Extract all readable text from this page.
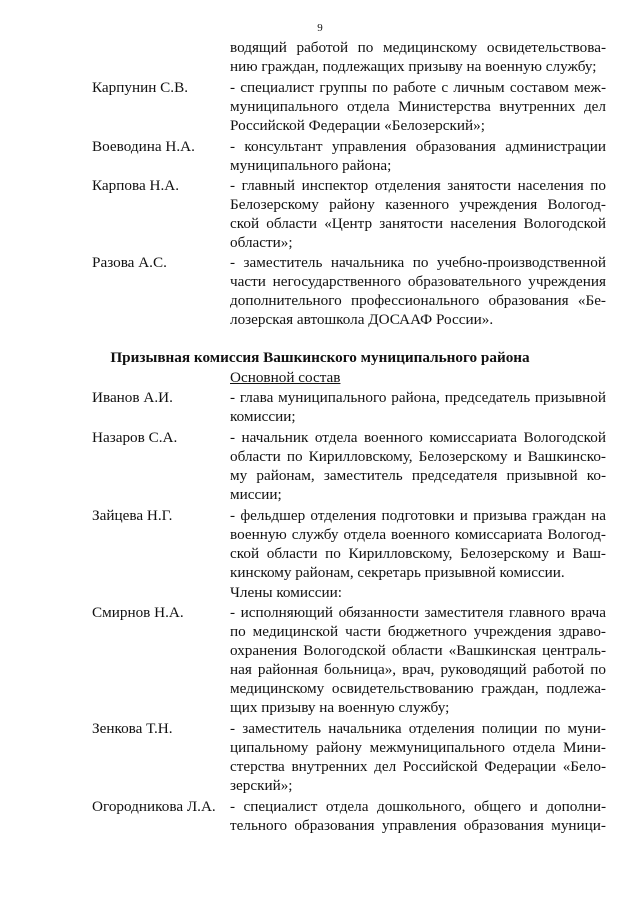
9
водящий работой по медицинскому освидетельствова-
нию граждан, подлежащих призыву на военную службу;
Карпунин С.В.	- специалист группы по работе с личным составом меж-
муниципального отдела Министерства внутренних дел
Российской Федерации «Белозерский»;
Воеводина Н.А. - консультант управления образования администрации
муниципального района;
Карпова Н.А.	- главный инспектор отделения занятости населения по
Белозерскому району казенного учреждения Вологод-
ской области «Центр занятости населения Вологодской
области»;
Разова А.С.	- заместитель начальника по учебно-производственной
части негосударственного образовательного учреждения
дополнительного профессионального образования «Бе-
лозерская автошкола ДОСААФ России».
Призывная комиссия Вашкинского муниципального района
Основной состав
Иванов А.И.	- глава муниципального района, председатель призывной
комиссии;
Назаров С.А.	- начальник отдела военного комиссариата Вологодской
области по Кирилловскому, Белозерскому и Вашкинско-
му районам, заместитель председателя призывной ко-
миссии;
Зайцева Н.Г.	- фельдшер отделения подготовки и призыва граждан на
военную службу отдела военного комиссариата Вологод-
ской области по Кирилловскому, Белозерскому и Ваш-
кинскому районам, секретарь призывной комиссии.
Члены комиссии:
Смирнов Н.А.	- исполняющий обязанности заместителя главного врача
по медицинской части бюджетного учреждения здраво-
охранения Вологодской области «Вашкинская централь-
ная районная больница», врач, руководящий работой по
медицинскому освидетельствованию граждан, подлежа-
щих призыву на военную службу;
Зенкова Т.Н.	- заместитель начальника отделения полиции по муни-
ципальному району межмуниципального отдела Мини-
стерства внутренних дел Российской Федерации «Бело-
зерский»;
Огородникова Л.А. - специалист отдела дошкольного, общего и дополни-
тельного образования управления образования муници-
